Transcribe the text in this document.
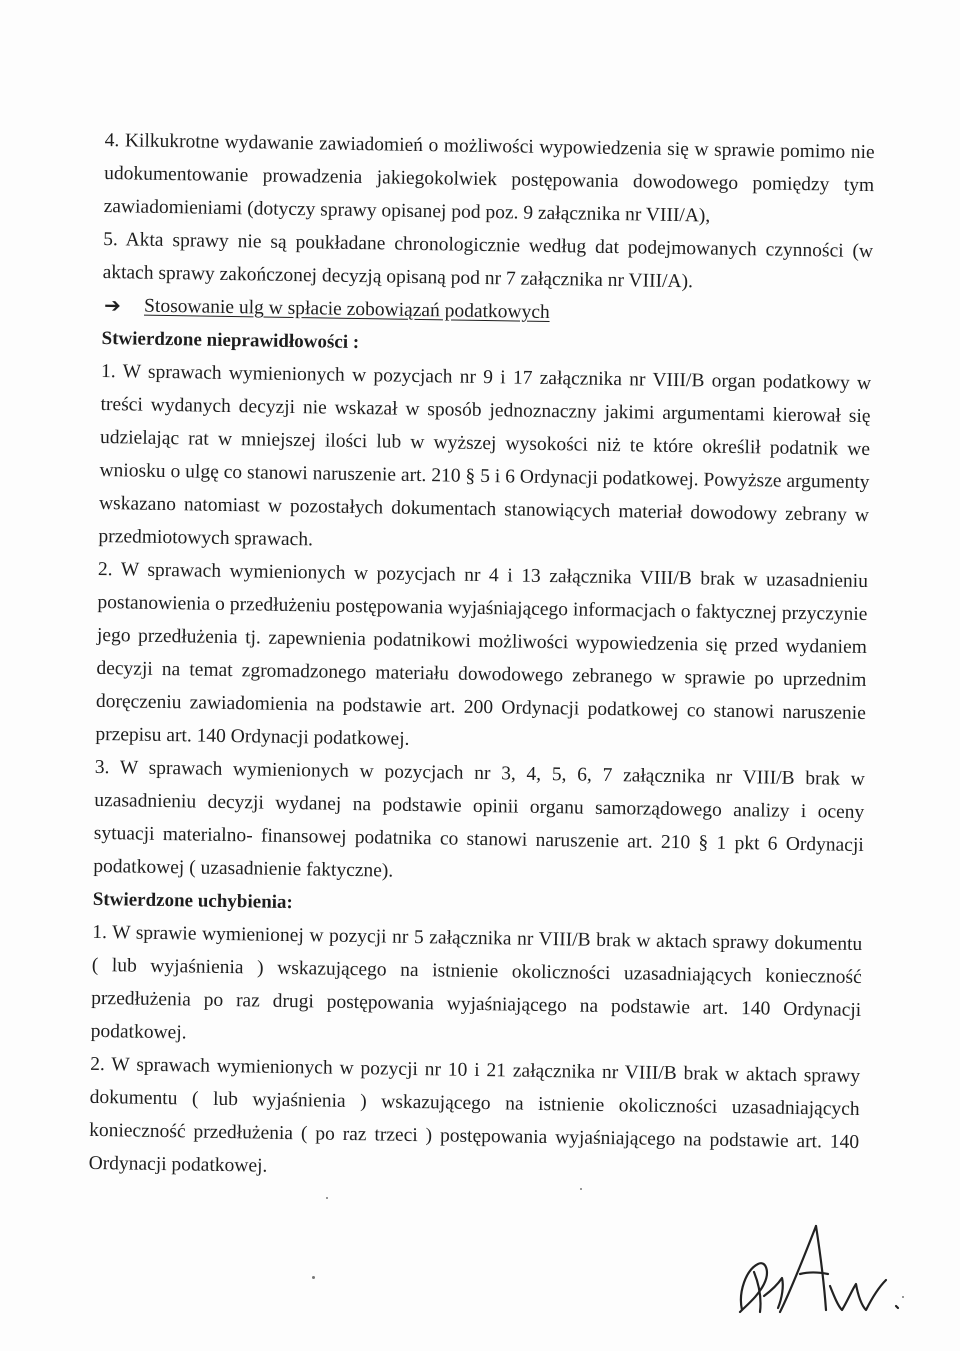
4. Kilkukrotne wydawanie zawiadomień o możliwości wypowiedzenia się w sprawie pomimo nie udokumentowanie prowadzenia jakiegokolwiek postępowania dowodowego pomiędzy tym zawiadomieniami (dotyczy sprawy opisanej pod poz. 9 załącznika nr VIII/A),

5. Akta sprawy nie są poukładane chronologicznie według dat podejmowanych czynności (w aktach sprawy zakończonej decyzją opisaną pod nr 7 załącznika nr VIII/A).

➔	Stosowanie ulg w spłacie zobowiązań podatkowych

Stwierdzone nieprawidłowości :

1. W sprawach wymienionych w pozycjach nr 9 i 17 załącznika nr VIII/B organ podatkowy w treści wydanych decyzji nie wskazał w sposób jednoznaczny jakimi argumentami kierował się udzielając rat w mniejszej ilości lub w wyższej wysokości niż te które określił podatnik we wniosku o ulgę co stanowi naruszenie art. 210 § 5 i 6 Ordynacji podatkowej. Powyższe argumenty wskazano natomiast w pozostałych dokumentach stanowiących materiał dowodowy zebrany w przedmiotowych sprawach.

2. W sprawach wymienionych w pozycjach nr 4 i 13 załącznika VIII/B brak w uzasadnieniu postanowienia o przedłużeniu postępowania wyjaśniającego informacjach o faktycznej przyczynie jego przedłużenia tj. zapewnienia podatnikowi możliwości wypowiedzenia się przed wydaniem decyzji na temat zgromadzonego materiału dowodowego zebranego w sprawie po uprzednim doręczeniu zawiadomienia na podstawie art. 200 Ordynacji podatkowej co stanowi naruszenie przepisu art. 140 Ordynacji podatkowej.

3. W sprawach wymienionych w pozycjach nr 3, 4, 5, 6, 7 załącznika nr VIII/B brak w uzasadnieniu decyzji wydanej na podstawie opinii organu samorządowego analizy i oceny sytuacji materialno- finansowej podatnika co stanowi naruszenie art. 210 § 1 pkt 6 Ordynacji podatkowej ( uzasadnienie faktyczne).

Stwierdzone uchybienia:

1. W sprawie wymienionej w pozycji nr 5 załącznika nr VIII/B brak w aktach sprawy dokumentu ( lub wyjaśnienia ) wskazującego na istnienie okoliczności uzasadniających konieczność przedłużenia po raz drugi postępowania wyjaśniającego na podstawie art. 140 Ordynacji podatkowej.

2. W sprawach wymienionych w pozycji nr 10 i 21 załącznika nr VIII/B brak w aktach sprawy dokumentu ( lub wyjaśnienia ) wskazującego na istnienie okoliczności uzasadniających konieczność przedłużenia ( po raz trzeci ) postępowania wyjaśniającego na podstawie art. 140 Ordynacji podatkowej.
